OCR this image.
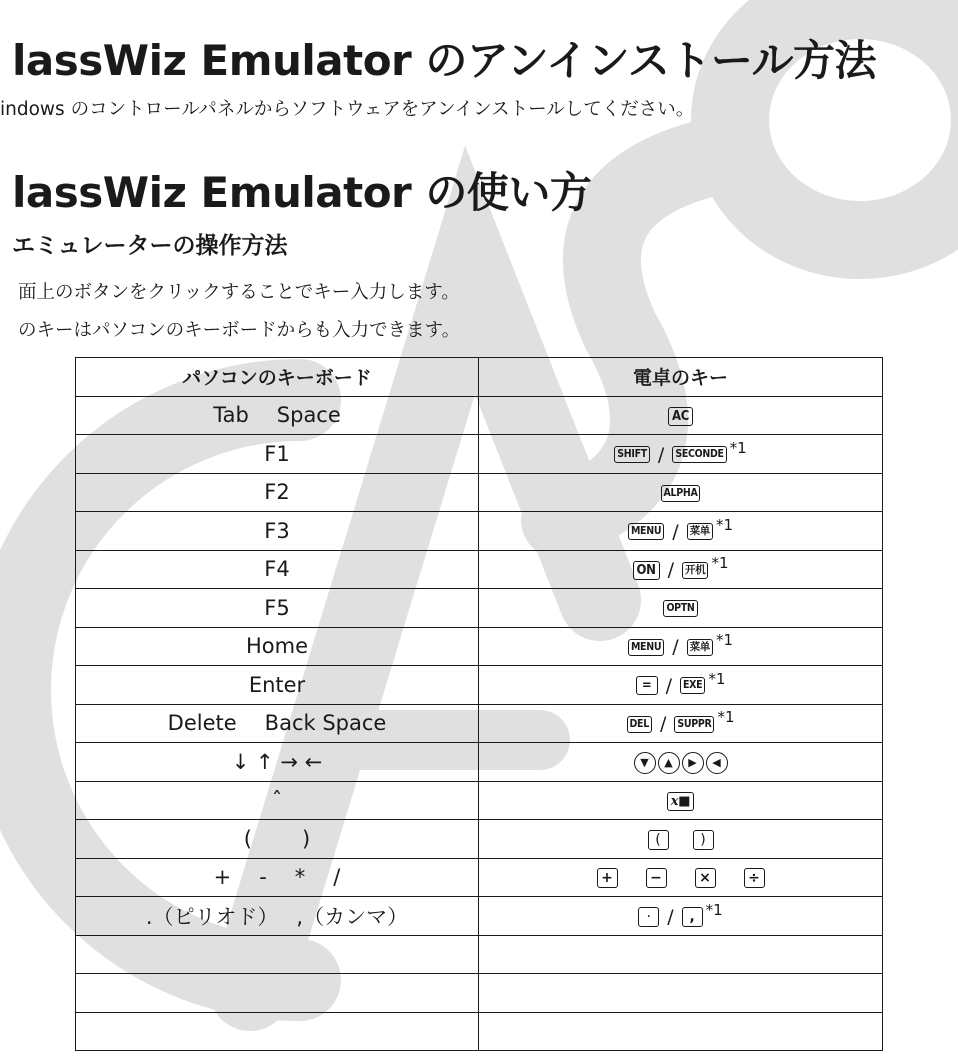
lassWiz Emulator のアンインストール方法
indows のコントロールパネルからソフトウェアをアンインストールしてください。
lassWiz Emulator の使い方
エミュレーターの操作方法
面上のボタンをクリックすることでキー入力します。
のキーはパソコンのキーボードからも入力できます。
パソコンのキーボード	電卓のキー
Tab Space	AC
F1	SHIFT / SECONDE $^{*1}$
F2	ALPHA
F3	MENU / 菜单 $^{*1}$
F4	ON / 开机 $^{*1}$
F5	OPTN
Home	MENU / 菜单 $^{*1}$
Enter	= / EXE $^{*1}$
Delete Back Space	DEL / SUPPR $^{*1}$
↓ ↑ → ←	▼ ▲ ▶ ◀
ˆ	x■
( )	( )
+ - * /	+ − × ÷
.（ピリオド） ,（カンマ）	· / , $^{*1}$
